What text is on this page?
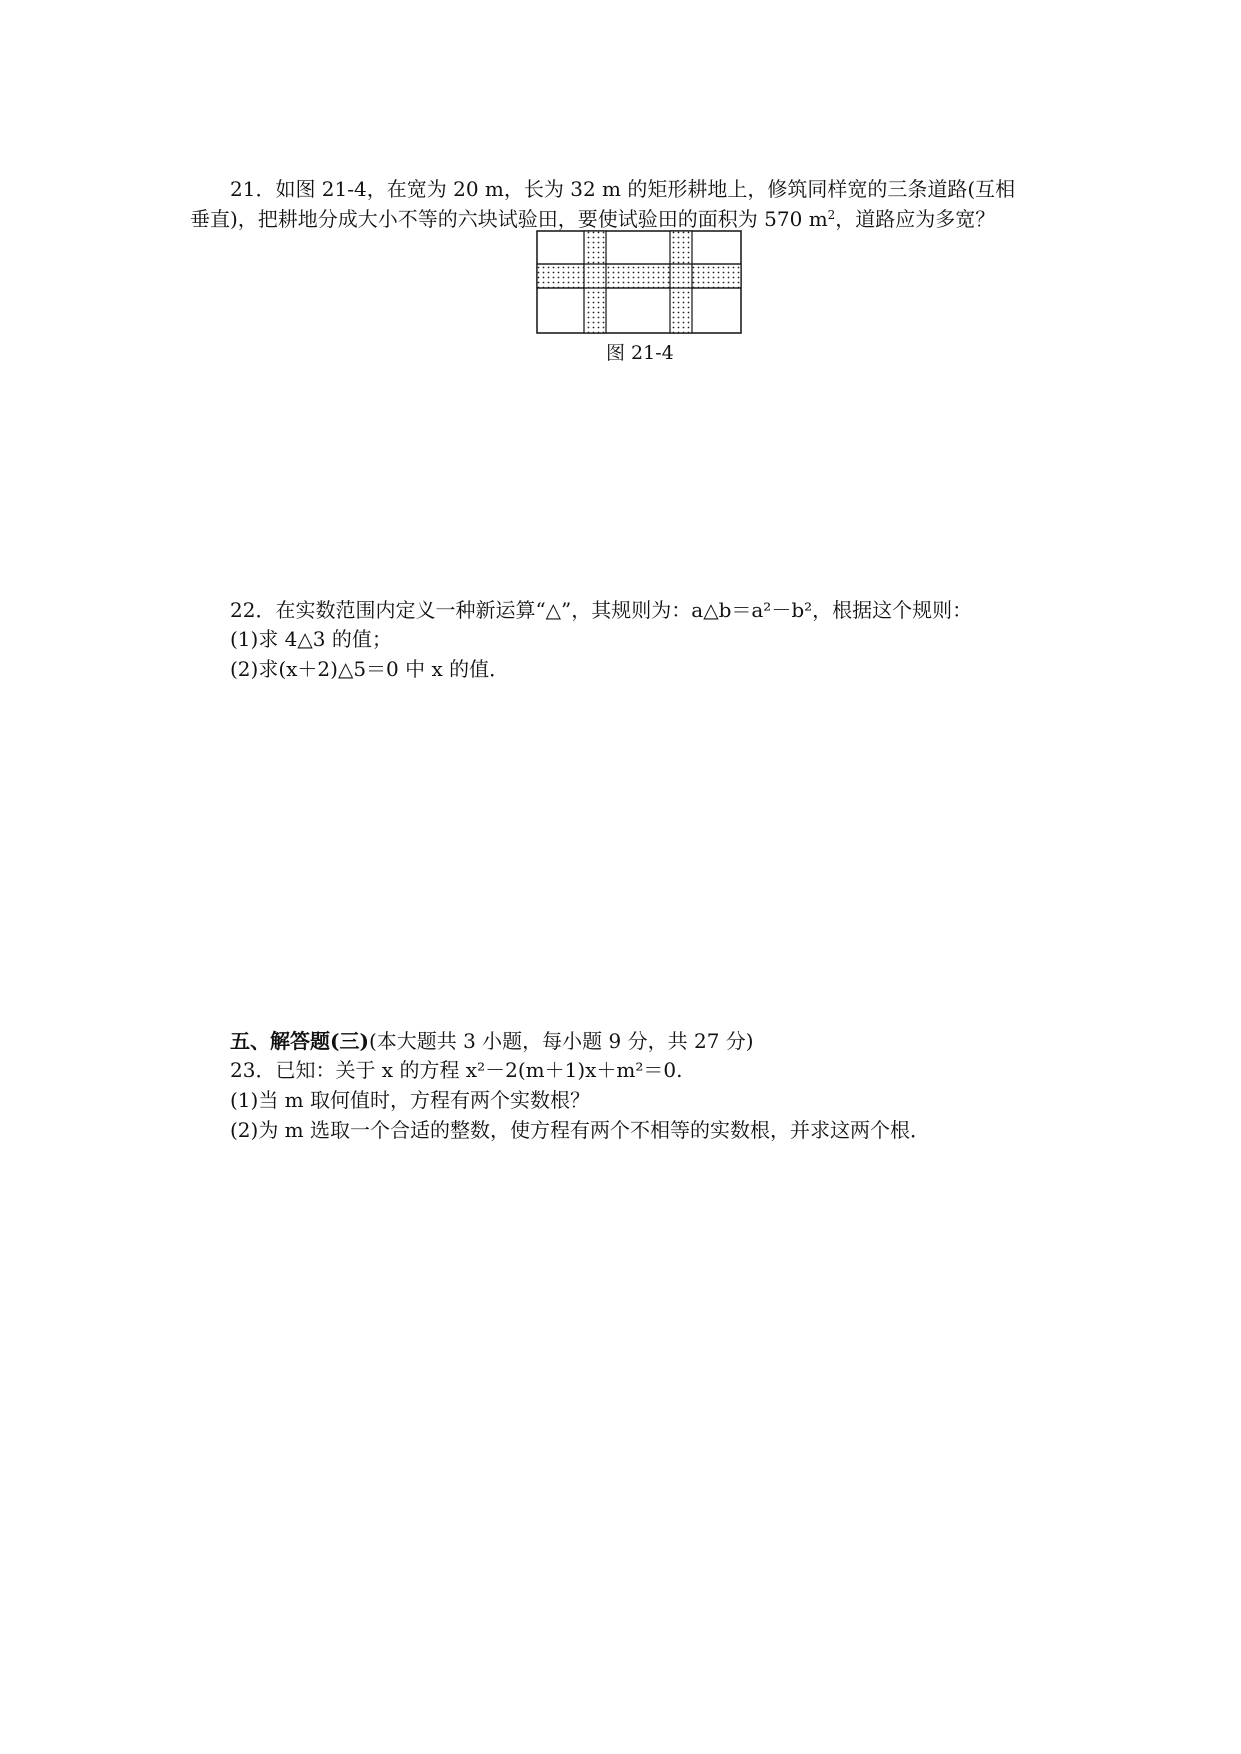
21．如图 21-4，在宽为 20 m，长为 32 m 的矩形耕地上，修筑同样宽的三条道路(互相
垂直)，把耕地分成大小不等的六块试验田，要使试验田的面积为 570 $m^2$，道路应为多宽？
图 21-4
22．在实数范围内定义一种新运算“△”，其规则为：a△b＝a²－b²，根据这个规则：
(1)求 4△3 的值；
(2)求(x＋2)△5＝0 中 x 的值．
五、解答题(三)(本大题共 3 小题，每小题 9 分，共 27 分)
23．已知：关于 x 的方程 x²－2(m＋1)x＋m²＝0.
(1)当 m 取何值时，方程有两个实数根？
(2)为 m 选取一个合适的整数，使方程有两个不相等的实数根，并求这两个根．
